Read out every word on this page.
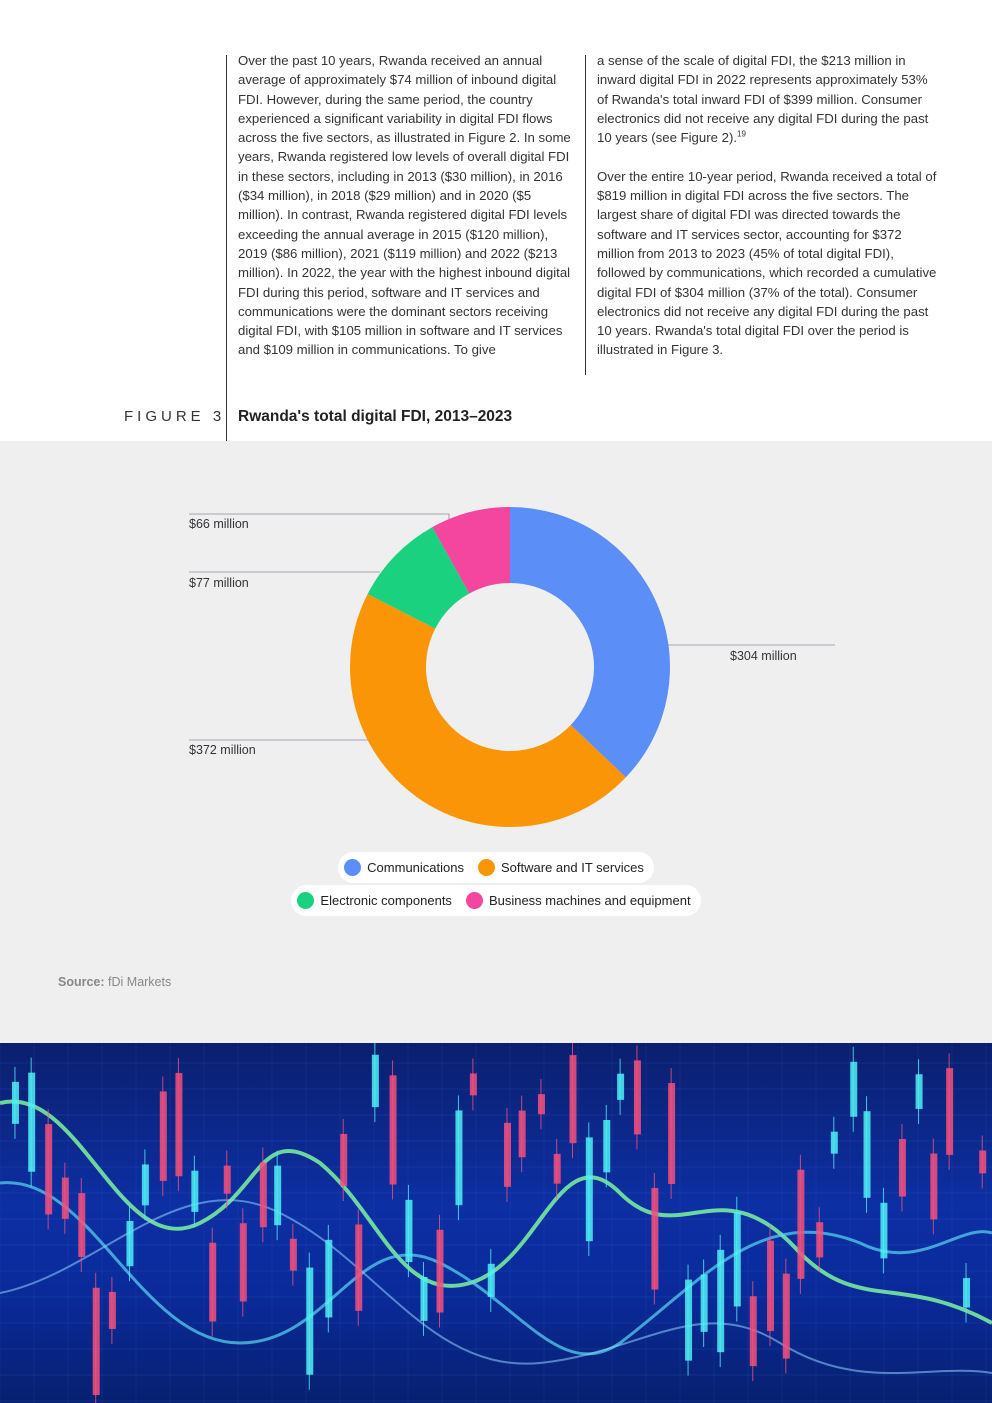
Over the past 10 years, Rwanda received an annual average of approximately $74 million of inbound digital FDI. However, during the same period, the country experienced a significant variability in digital FDI flows across the five sectors, as illustrated in Figure 2. In some years, Rwanda registered low levels of overall digital FDI in these sectors, including in 2013 ($30 million), in 2016 ($34 million), in 2018 ($29 million) and in 2020 ($5 million). In contrast, Rwanda registered digital FDI levels exceeding the annual average in 2015 ($120 million), 2019 ($86 million), 2021 ($119 million) and 2022 ($213 million). In 2022, the year with the highest inbound digital FDI during this period, software and IT services and communications were the dominant sectors receiving digital FDI, with $105 million in software and IT services and $109 million in communications. To give

a sense of the scale of digital FDI, the $213 million in inward digital FDI in 2022 represents approximately 53% of Rwanda's total inward FDI of $399 million. Consumer electronics did not receive any digital FDI during the past 10 years (see Figure 2).$^{19}$

Over the entire 10-year period, Rwanda received a total of $819 million in digital FDI across the five sectors. The largest share of digital FDI was directed towards the software and IT services sector, accounting for $372 million from 2013 to 2023 (45% of total digital FDI), followed by communications, which recorded a cumulative digital FDI of $304 million (37% of the total). Consumer electronics did not receive any digital FDI during the past 10 years. Rwanda's total digital FDI over the period is illustrated in Figure 3.

FIGURE 3 Rwanda's total digital FDI, 2013–2023
$66 million
$77 million
$304 million
$372 million
Communications	Software and IT services
Electronic components	Business machines and equipment
Source: fDi Markets
